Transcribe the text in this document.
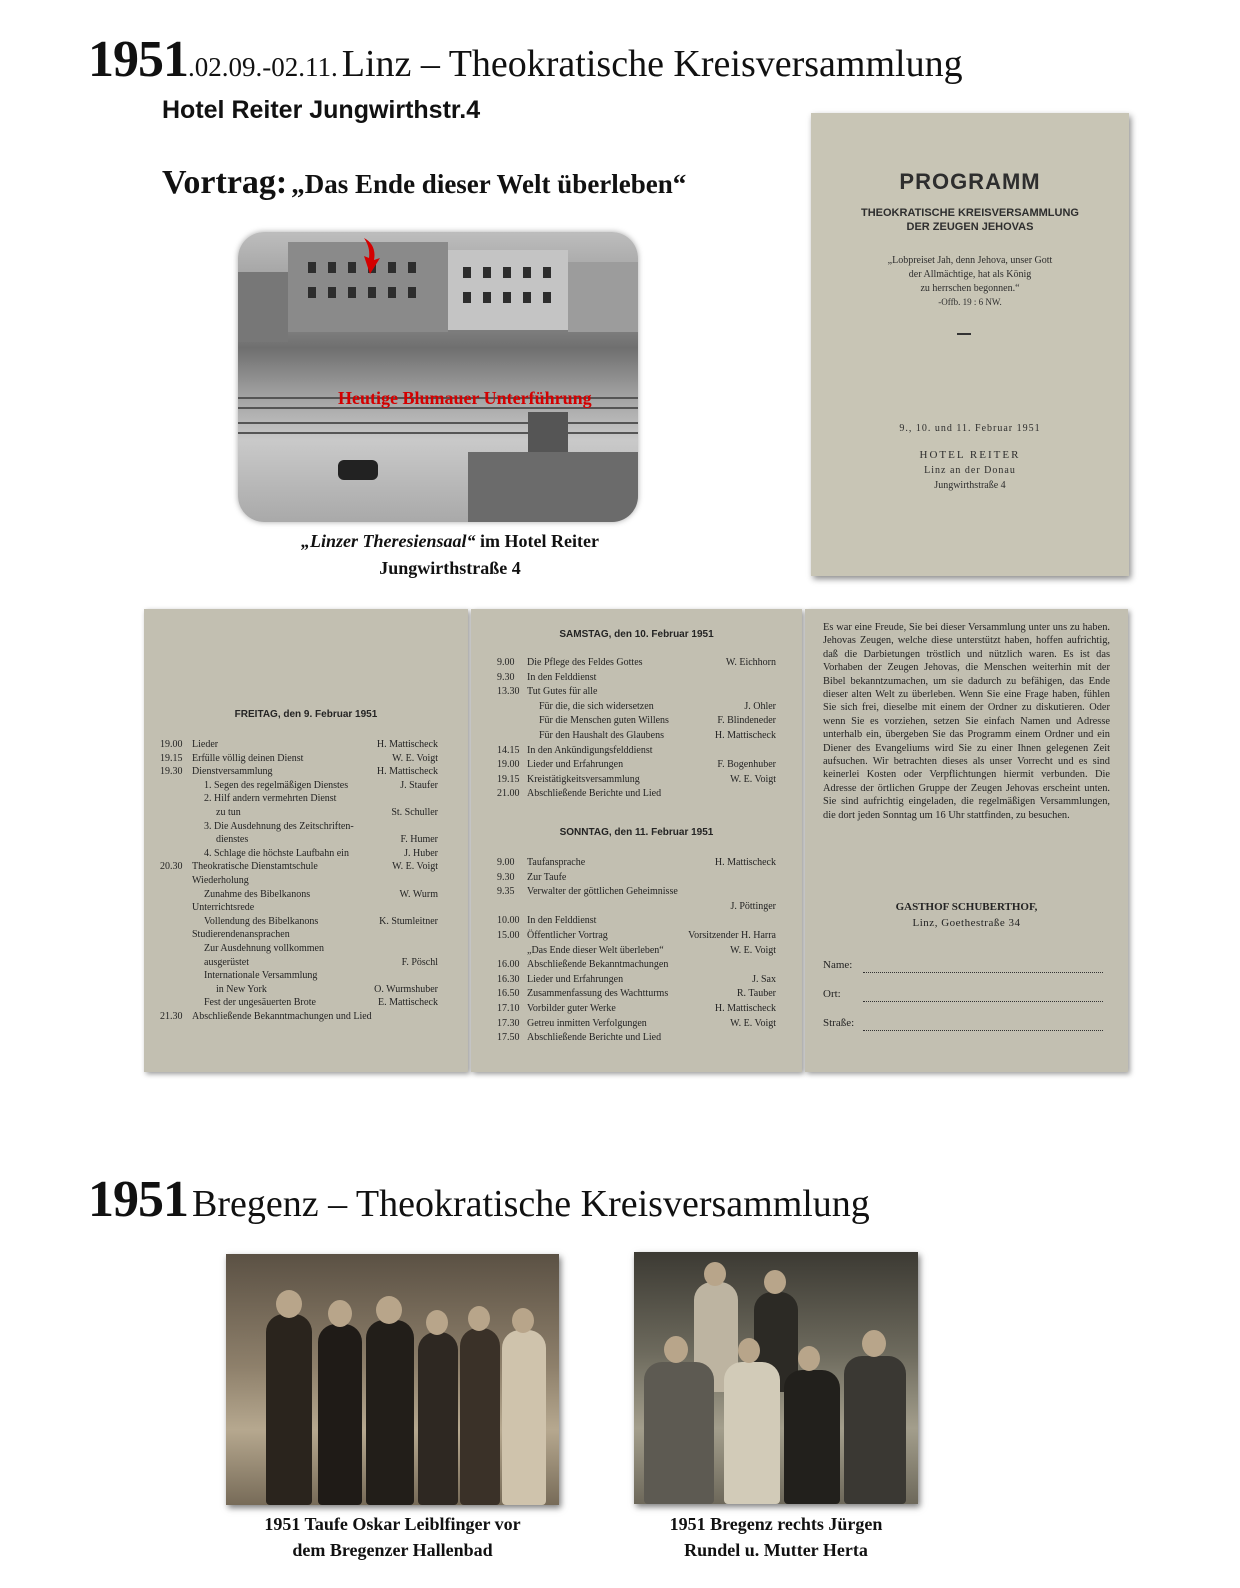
1951.02.09.-02.11. Linz – Theokratische Kreisversammlung
Hotel Reiter Jungwirthstr.4
Vortrag: „Das Ende dieser Welt überleben“
Heutige Blumauer Unterführung
„Linzer Theresiensaal“ im Hotel Reiter
Jungwirthstraße 4
PROGRAMM
THEOKRATISCHE KREISVERSAMMLUNG
DER ZEUGEN JEHOVAS
„Lobpreiset Jah, denn Jehova, unser Gott
der Allmächtige, hat als König
zu herrschen begonnen.“
-Offb. 19 : 6 NW.
9., 10. und 11. Februar 1951
HOTEL REITER
Linz an der Donau
Jungwirthstraße 4
FREITAG, den 9. Februar 1951
19.00 Lieder	H. Mattischeck
19.15 Erfülle völlig deinen Dienst	W. E. Voigt
19.30 Dienstversammlung	H. Mattischeck
1. Segen des regelmäßigen Dienstes	J. Staufer
2. Hilf andern vermehrten Dienst
zu tun	St. Schuller
3. Die Ausdehnung des Zeitschriften-
dienstes	F. Humer
4. Schlage die höchste Laufbahn ein	J. Huber
20.30 Theokratische Dienstamtschule	W. E. Voigt
Wiederholung
Zunahme des Bibelkanons	W. Wurm
Unterrichtsrede
Vollendung des Bibelkanons	K. Stumleitner
Studierendenansprachen
Zur Ausdehnung vollkommen
ausgerüstet	F. Pöschl
Internationale Versammlung
in New York	O. Wurmshuber
Fest der ungesäuerten Brote	E. Mattischeck
21.30 Abschließende Bekanntmachungen und Lied
SAMSTAG, den 10. Februar 1951
9.00 Die Pflege des Feldes Gottes	W. Eichhorn
9.30 In den Felddienst
13.30 Tut Gutes für alle
Für die, die sich widersetzen	J. Ohler
Für die Menschen guten Willens	F. Blindeneder
Für den Haushalt des Glaubens	H. Mattischeck
14.15 In den Ankündigungsfelddienst
19.00 Lieder und Erfahrungen	F. Bogenhuber
19.15 Kreistätigkeitsversammlung	W. E. Voigt
21.00 Abschließende Berichte und Lied
SONNTAG, den 11. Februar 1951
9.00 Taufansprache	H. Mattischeck
9.30 Zur Taufe
9.35 Verwalter der göttlichen Geheimnisse
J. Pöttinger
10.00 In den Felddienst
15.00 Öffentlicher Vortrag	Vorsitzender H. Harra
„Das Ende dieser Welt überleben“	W. E. Voigt
16.00 Abschließende Bekanntmachungen
16.30 Lieder und Erfahrungen	J. Sax
16.50 Zusammenfassung des Wachtturms	R. Tauber
17.10 Vorbilder guter Werke	H. Mattischeck
17.30 Getreu inmitten Verfolgungen	W. E. Voigt
17.50 Abschließende Berichte und Lied
Es war eine Freude, Sie bei dieser Versammlung unter uns zu haben. Jehovas Zeugen, welche diese unterstützt haben, hoffen aufrichtig, daß die Darbietungen tröstlich und nützlich waren. Es ist das Vorhaben der Zeugen Jehovas, die Menschen weiterhin mit der Bibel bekanntzumachen, um sie dadurch zu befähigen, das Ende dieser alten Welt zu überleben. Wenn Sie eine Frage haben, fühlen Sie sich frei, dieselbe mit einem der Ordner zu diskutieren. Oder wenn Sie es vorziehen, setzen Sie einfach Namen und Adresse unterhalb ein, übergeben Sie das Programm einem Ordner und ein Diener des Evangeliums wird Sie zu einer Ihnen gelegenen Zeit aufsuchen. Wir betrachten dieses als unser Vorrecht und es sind keinerlei Kosten oder Verpflichtungen hiermit verbunden. Die Adresse der örtlichen Gruppe der Zeugen Jehovas erscheint unten. Sie sind aufrichtig eingeladen, die regelmäßigen Versammlungen, die dort jeden Sonntag um 16 Uhr stattfinden, zu besuchen.
GASTHOF SCHUBERTHOF,
Linz, Goethestraße 34
Name:
Ort:
Straße:
1951 Bregenz – Theokratische Kreisversammlung
1951 Taufe Oskar Leiblfinger vor
dem Bregenzer Hallenbad
1951 Bregenz rechts Jürgen
Rundel u. Mutter Herta
